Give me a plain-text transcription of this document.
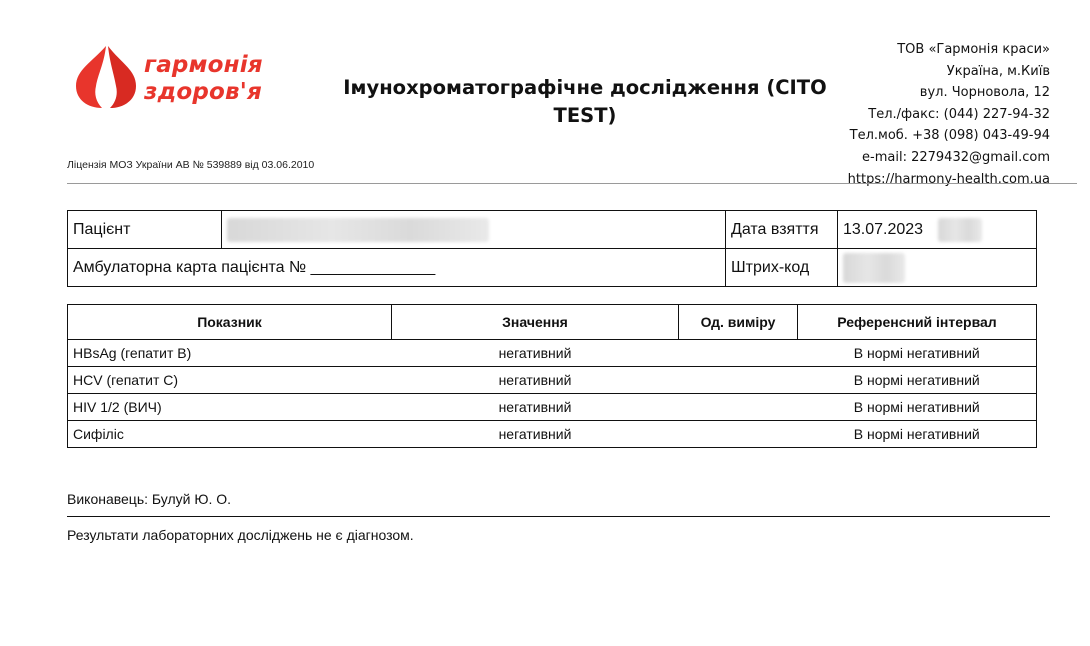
гармонія
здоров'я
Ліцензія МОЗ України АВ № 539889 від 03.06.2010
Імунохроматографічне дослідження (CITO TEST)
ТОВ «Гармонія краси»
Україна, м.Київ
вул. Чорновола, 12
Тел./факс: (044) 227-94-32
Тел.моб. +38 (098) 043-49-94
e-mail: 2279432@gmail.com
https://harmony-health.com.ua
Пацієнт		Дата взяття	13.07.2023
Амбулаторна карта пацієнта № ______________		Штрих-код	
Показник	Значення	Од. виміру	Референсний інтервал
HBsAg (гепатит В)	негативний		В нормі негативний
HCV (гепатит С)	негативний		В нормі негативний
HIV 1/2 (ВИЧ)	негативний		В нормі негативний
Сифіліс	негативний		В нормі негативний
Виконавець: Булуй Ю. О.
Результати лабораторних досліджень не є діагнозом.
